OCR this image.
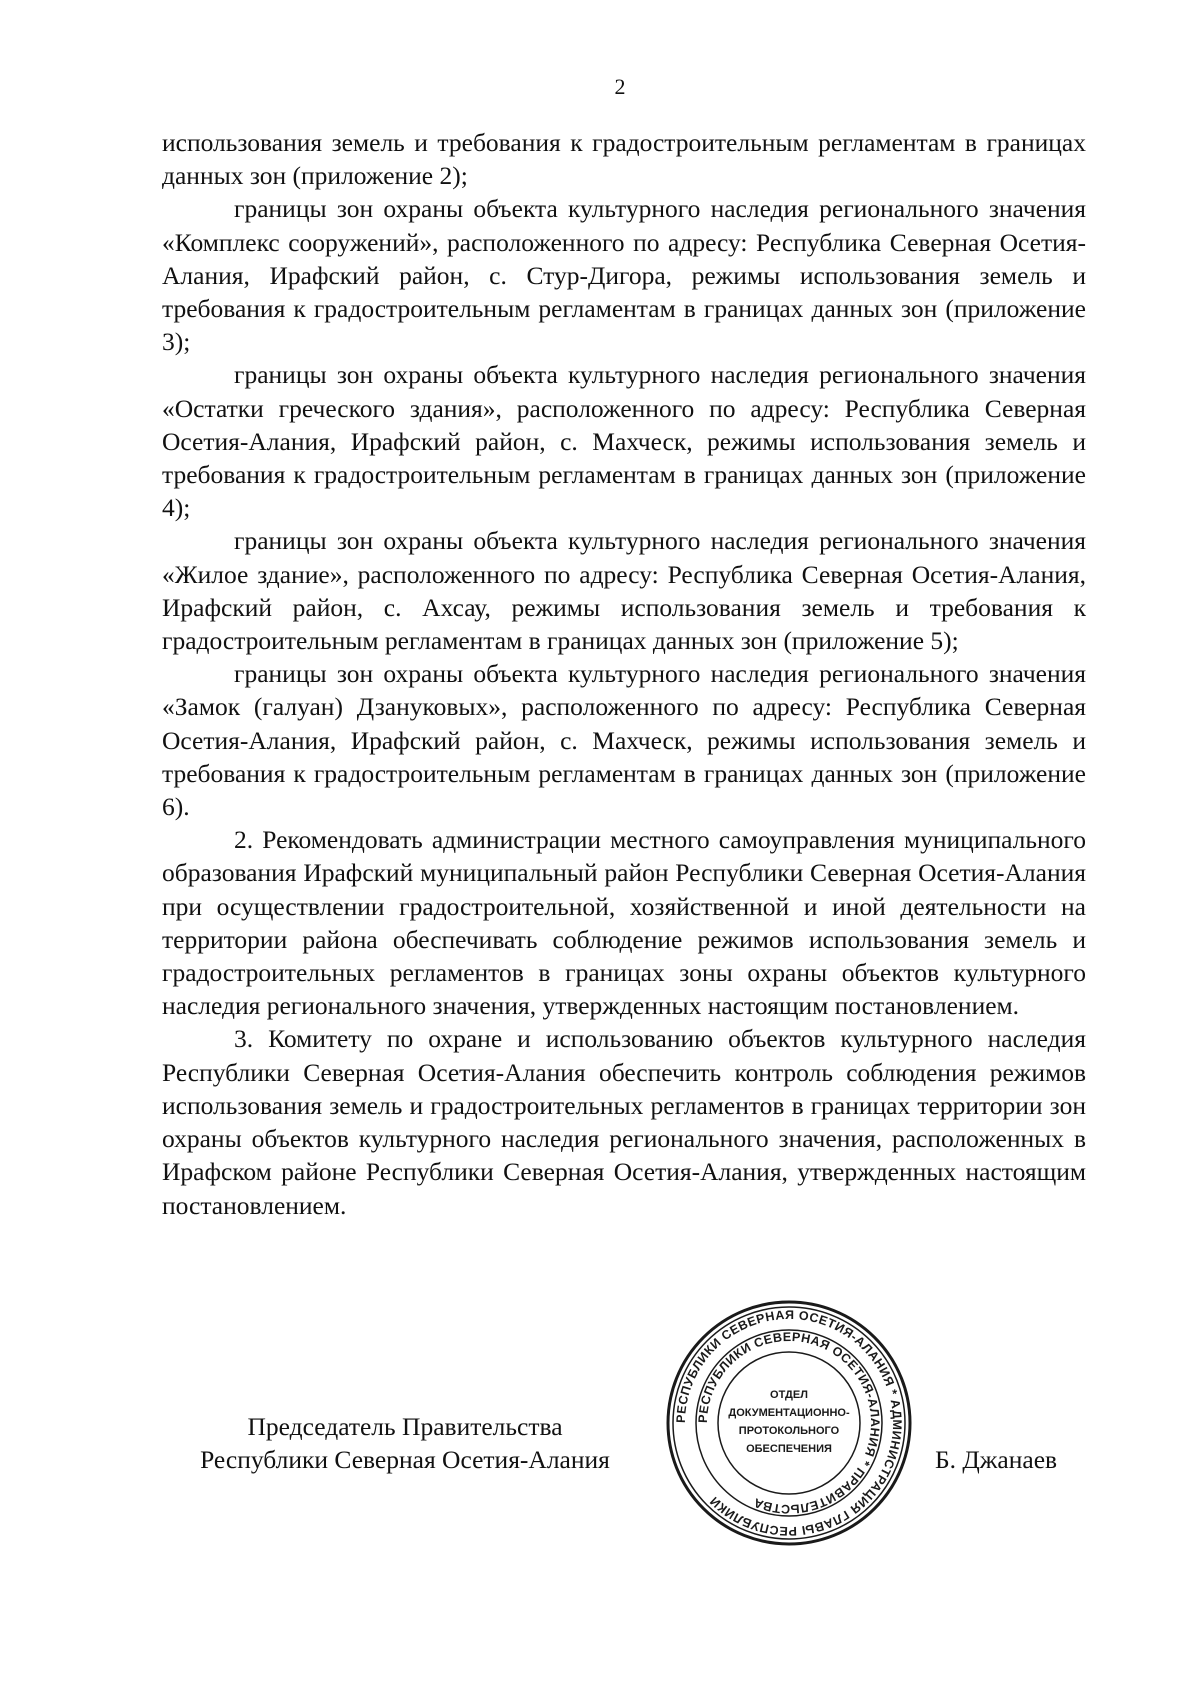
2

использования земель и требования к градостроительным регламентам в границах данных зон (приложение 2);

границы зон охраны объекта культурного наследия регионального значения «Комплекс сооружений», расположенного по адресу: Республика Северная Осетия-Алания, Ирафский район, с. Стур-Дигора, режимы использования земель и требования к градостроительным регламентам в границах данных зон (приложение 3);

границы зон охраны объекта культурного наследия регионального значения «Остатки греческого здания», расположенного по адресу: Республика Северная Осетия-Алания, Ирафский район, с. Махческ, режимы использования земель и требования к градостроительным регламентам в границах данных зон (приложение 4);

границы зон охраны объекта культурного наследия регионального значения «Жилое здание», расположенного по адресу: Республика Северная Осетия-Алания, Ирафский район, с. Ахсау, режимы использования земель и требования к градостроительным регламентам в границах данных зон (приложение 5);

границы зон охраны объекта культурного наследия регионального значения «Замок (галуан) Дзануковых», расположенного по адресу: Республика Северная Осетия-Алания, Ирафский район, с. Махческ, режимы использования земель и требования к градостроительным регламентам в границах данных зон (приложение 6).

2. Рекомендовать администрации местного самоуправления муниципального образования Ирафский муниципальный район Республики Северная Осетия-Алания при осуществлении градостроительной, хозяйственной и иной деятельности на территории района обеспечивать соблюдение режимов использования земель и градостроительных регламентов в границах зоны охраны объектов культурного наследия регионального значения, утвержденных настоящим постановлением.

3. Комитету по охране и использованию объектов культурного наследия Республики Северная Осетия-Алания обеспечить контроль соблюдения режимов использования земель и градостроительных регламентов в границах территории зон охраны объектов культурного наследия регионального значения, расположенных в Ирафском районе Республики Северная Осетия-Алания, утвержденных настоящим постановлением.

Председатель Правительства
Республики Северная Осетия-Алания
РЕСПУБЛИКИ СЕВЕРНАЯ ОСЕТИЯ-АЛАНИЯ * АДМИНИСТРАЦИЯ ГЛАВЫ РЕСПУБЛИКИ
РЕСПУБЛИКИ СЕВЕРНАЯ ОСЕТИЯ-АЛАНИЯ * ПРАВИТЕЛЬСТВА
ОТДЕЛ
ДОКУМЕНТАЦИОННО-
ПРОТОКОЛЬНОГО
ОБЕСПЕЧЕНИЯ	Б. Джанаев
